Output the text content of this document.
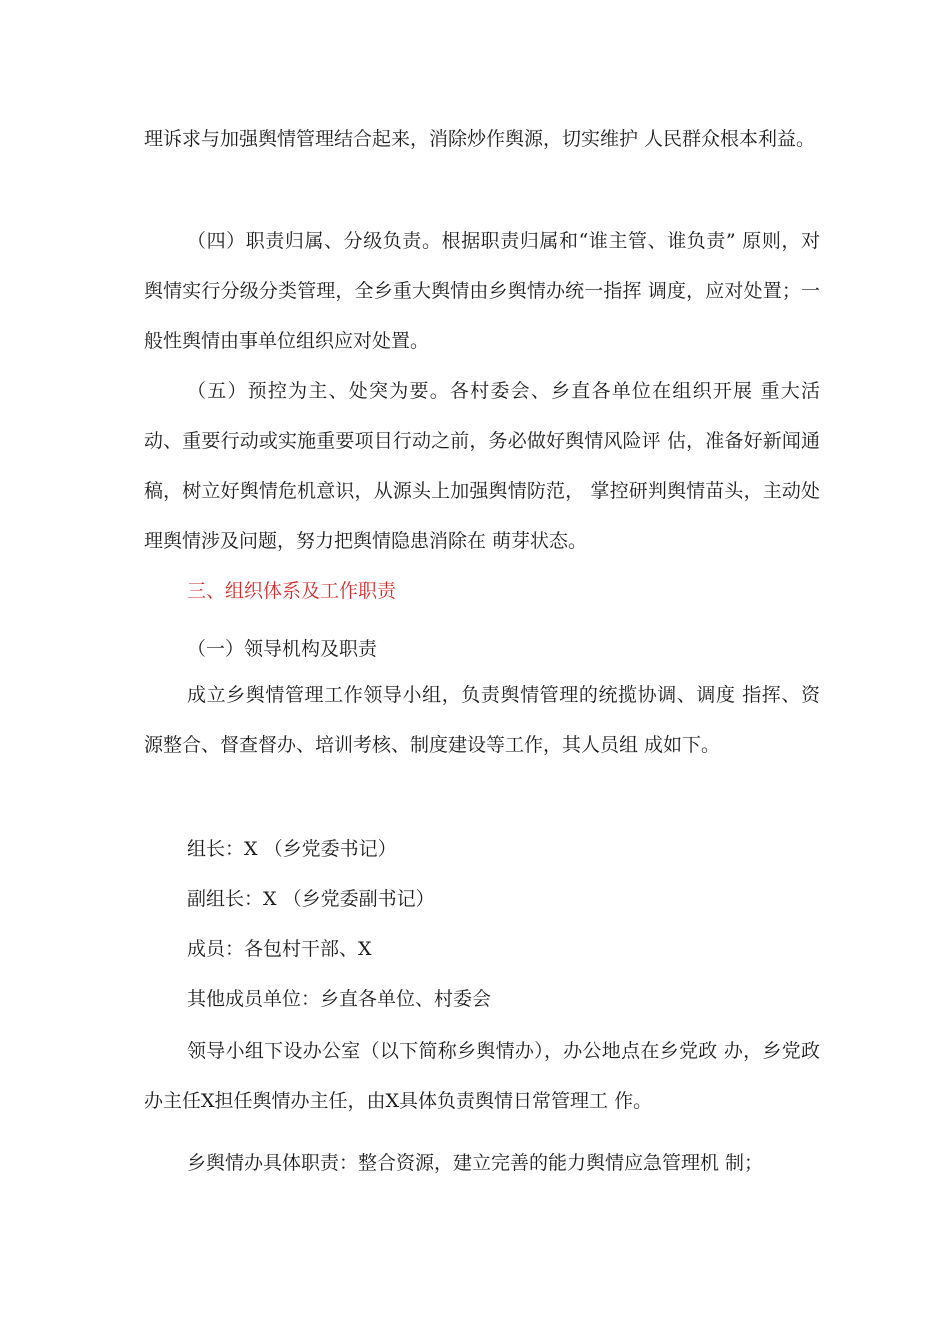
理诉求与加强舆情管理结合起来，消除炒作舆源，切实维护 人民群众根本利益。

（四）职责归属、分级负责。根据职责归属和“谁主管、谁负责” 原则，对舆情实行分级分类管理，全乡重大舆情由乡舆情办统一指挥 调度，应对处置；一般性舆情由事单位组织应对处置。

（五）预控为主、处突为要。各村委会、乡直各单位在组织开展 重大活动、重要行动或实施重要项目行动之前，务必做好舆情风险评 估，准备好新闻通稿，树立好舆情危机意识，从源头上加强舆情防范， 掌控研判舆情苗头，主动处理舆情涉及问题，努力把舆情隐患消除在 萌芽状态。

三、组织体系及工作职责

（一）领导机构及职责

成立乡舆情管理工作领导小组，负责舆情管理的统揽协调、调度 指挥、资源整合、督查督办、培训考核、制度建设等工作，其人员组 成如下。

组长：X （乡党委书记）

副组长：X （乡党委副书记）

成员：各包村干部、X

其他成员单位：乡直各单位、村委会

领导小组下设办公室（以下简称乡舆情办），办公地点在乡党政 办，乡党政办主任X担任舆情办主任，由X具体负责舆情日常管理工 作。

乡舆情办具体职责：整合资源，建立完善的能力舆情应急管理机 制；
